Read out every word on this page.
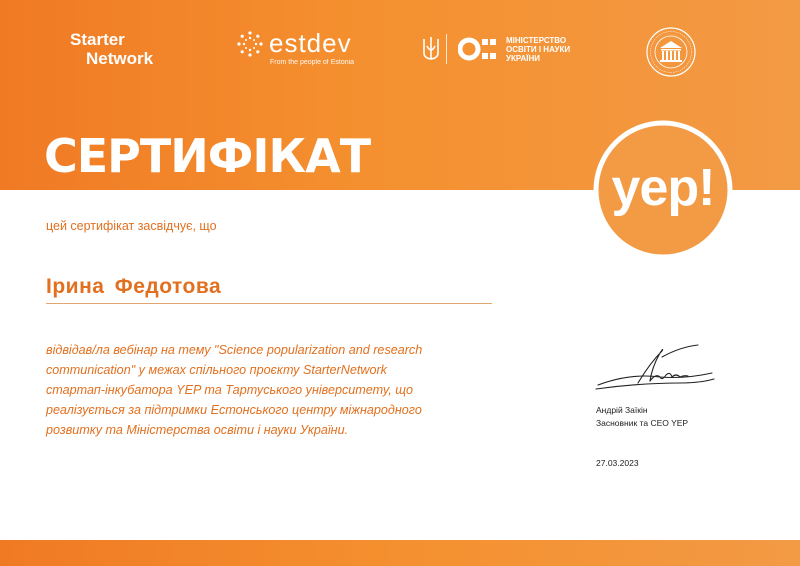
Starter
Network
estdev
From the people of Estonia
МІНІСТЕРСТВО
ОСВІТИ І НАУКИ
УКРАЇНИ
СЕРТИФІКАТ
yep!
цей сертифікат засвідчує, що
Ірина Федотова

відвідав/ла вебінар на тему "Science popularization and research
communication" у межах спільного проєкту StarterNetwork
стартап-інкубатора YEP та Тартуського університету, що
реалізується за підтримки Естонського центру міжнародного
розвитку та Міністерства освіти і науки України.

Андрій Заїкін
Засновник та CEO YEP
27.03.2023
